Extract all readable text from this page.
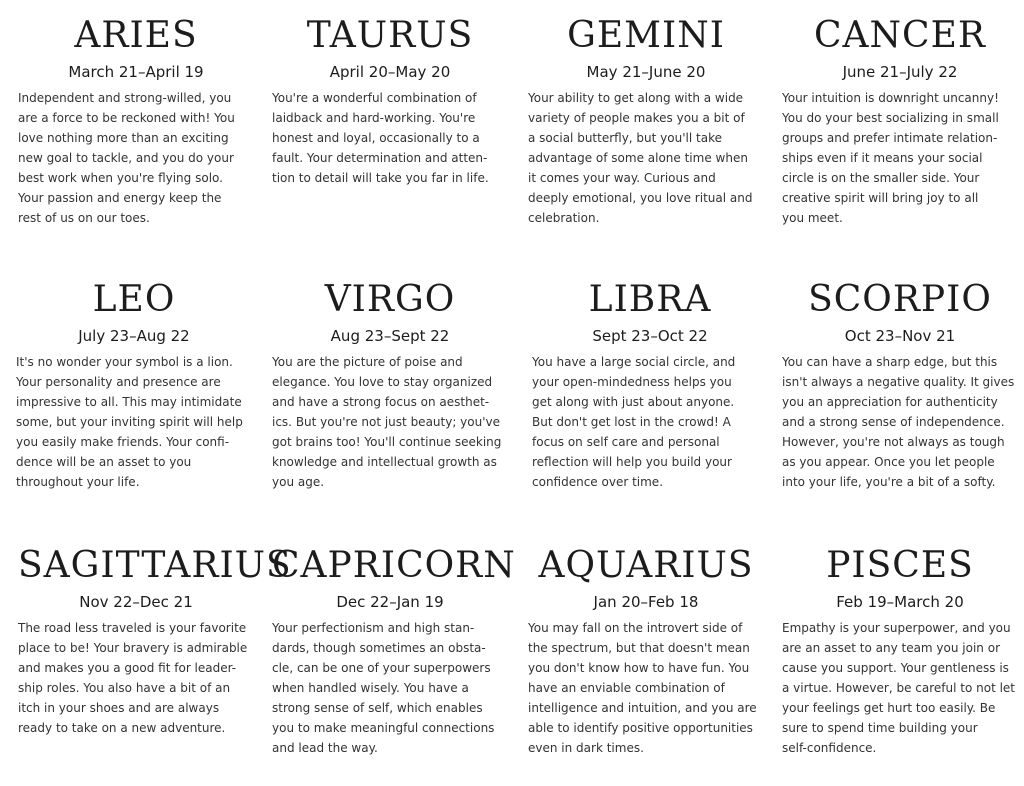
ARIES
March 21–April 19
Independent and strong-willed, you
are a force to be reckoned with! You
love nothing more than an exciting
new goal to tackle, and you do your
best work when you're flying solo.
Your passion and energy keep the
rest of us on our toes.
TAURUS
April 20–May 20
You're a wonderful combination of
laidback and hard-working. You're
honest and loyal, occasionally to a
fault. Your determination and atten-
tion to detail will take you far in life.
GEMINI
May 21–June 20
Your ability to get along with a wide
variety of people makes you a bit of
a social butterfly, but you'll take
advantage of some alone time when
it comes your way. Curious and
deeply emotional, you love ritual and
celebration.
CANCER
June 21–July 22
Your intuition is downright uncanny!
You do your best socializing in small
groups and prefer intimate relation-
ships even if it means your social
circle is on the smaller side. Your
creative spirit will bring joy to all
you meet.
LEO
July 23–Aug 22
It's no wonder your symbol is a lion.
Your personality and presence are
impressive to all. This may intimidate
some, but your inviting spirit will help
you easily make friends. Your confi-
dence will be an asset to you
throughout your life.
VIRGO
Aug 23–Sept 22
You are the picture of poise and
elegance. You love to stay organized
and have a strong focus on aesthet-
ics. But you're not just beauty; you've
got brains too! You'll continue seeking
knowledge and intellectual growth as
you age.
LIBRA
Sept 23–Oct 22
You have a large social circle, and
your open-mindedness helps you
get along with just about anyone.
But don't get lost in the crowd! A
focus on self care and personal
reflection will help you build your
confidence over time.
SCORPIO
Oct 23–Nov 21
You can have a sharp edge, but this
isn't always a negative quality. It gives
you an appreciation for authenticity
and a strong sense of independence.
However, you're not always as tough
as you appear. Once you let people
into your life, you're a bit of a softy.
SAGITTARIUS
Nov 22–Dec 21
The road less traveled is your favorite
place to be! Your bravery is admirable
and makes you a good fit for leader-
ship roles. You also have a bit of an
itch in your shoes and are always
ready to take on a new adventure.
CAPRICORN
Dec 22–Jan 19
Your perfectionism and high stan-
dards, though sometimes an obsta-
cle, can be one of your superpowers
when handled wisely. You have a
strong sense of self, which enables
you to make meaningful connections
and lead the way.
AQUARIUS
Jan 20–Feb 18
You may fall on the introvert side of
the spectrum, but that doesn't mean
you don't know how to have fun. You
have an enviable combination of
intelligence and intuition, and you are
able to identify positive opportunities
even in dark times.
PISCES
Feb 19–March 20
Empathy is your superpower, and you
are an asset to any team you join or
cause you support. Your gentleness is
a virtue. However, be careful to not let
your feelings get hurt too easily. Be
sure to spend time building your
self-confidence.
